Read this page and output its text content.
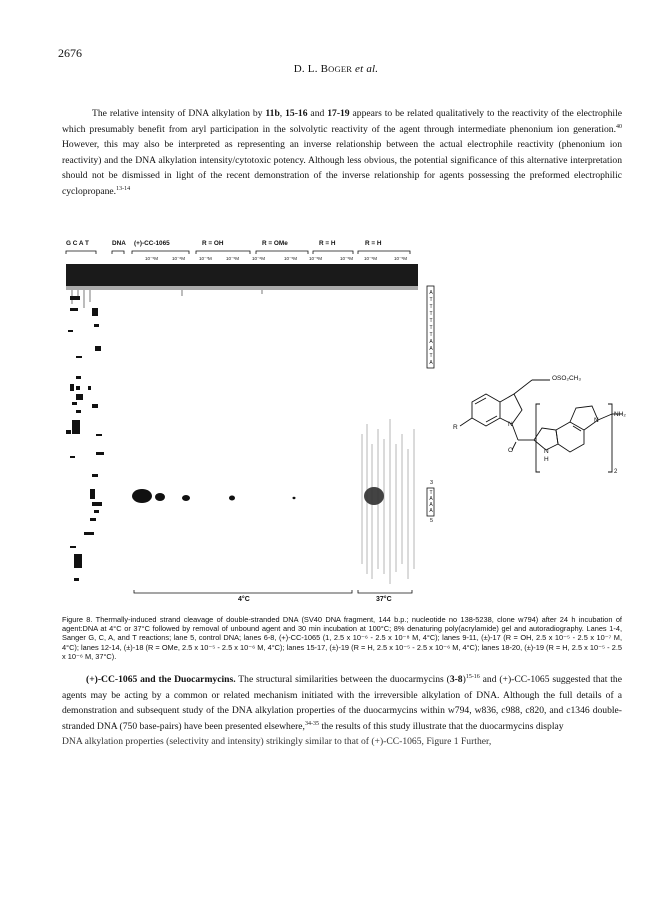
2676
D. L. BOGER et al.
The relative intensity of DNA alkylation by 11b, 15-16 and 17-19 appears to be related qualitatively to the reactivity of the electrophile which presumably benefit from aryl participation in the solvolytic reactivity of the agent through intermediate phenonium ion generation.$^{40}$ However, this may also be interpreted as representing an inverse relationship between the actual electrophile reactivity (phenonium ion reactivity) and the DNA alkylation intensity/cytotoxic potency. Although less obvious, the potential significance of this alternative interpretation should not be dismissed in light of the recent demonstration of the inverse relationship for agents possessing the preformed electrophilic cyclopropane.$^{13-14}$
G C A T	DNA (+)-CC-1065	R = OH	R = OMe	R = H	R = H
10⁻⁵M	10⁻⁶M	10⁻⁷M	10⁻⁵M	10⁻⁶M	10⁻⁵M	10⁻⁵M	10⁻⁵M 10⁻⁵M	10⁻⁵M
OSO₂CH₃
R	N
O	N
H
N
NH₂
2
3
5
ATTTTTTAATA
TAAA
4°C	37°C
Figure 8. Thermally-induced strand cleavage of double-stranded DNA (SV40 DNA fragment, 144 b.p.; nucleotide no 138-5238, clone w794) after 24 h incubation of agent:DNA at 4°C or 37°C followed by removal of unbound agent and 30 min incubation at 100°C; 8% denaturing poly(acrylamide) gel and autoradiography. Lanes 1-4, Sanger G, C, A, and T reactions; lane 5, control DNA; lanes 6-8, (+)-CC-1065 (1, 2.5 x 10⁻⁶ - 2.5 x 10⁻⁸ M, 4°C); lanes 9-11, (±)-17 (R = OH, 2.5 x 10⁻⁵ - 2.5 x 10⁻⁷ M, 4°C); lanes 12-14, (±)-18 (R = OMe, 2.5 x 10⁻⁵ - 2.5 x 10⁻⁶ M, 4°C); lanes 15-17, (±)-19 (R = H, 2.5 x 10⁻⁵ - 2.5 x 10⁻⁶ M, 4°C); lanes 18-20, (±)-19 (R = H, 2.5 x 10⁻⁵ - 2.5 x 10⁻⁶ M, 37°C).
(+)-CC-1065 and the Duocarmycins. The structural similarities between the duocarmycins $(3-8)^{15-16}$ and (+)-CC-1065 suggested that the agents may be acting by a common or related mechanism initiated with the irreversible alkylation of DNA. Although the full details of a demonstration and subsequent study of the DNA alkylation properties of the duocarmycins within w794, w836, c988, c820, and c1346 double-stranded DNA (750 base-pairs) have been presented elsewhere,$^{34-35}$ the results of this study illustrate that the duocarmycins display
DNA alkylation properties (selectivity and intensity) strikingly similar to that of (+)-CC-1065, Figure 1 Further,
